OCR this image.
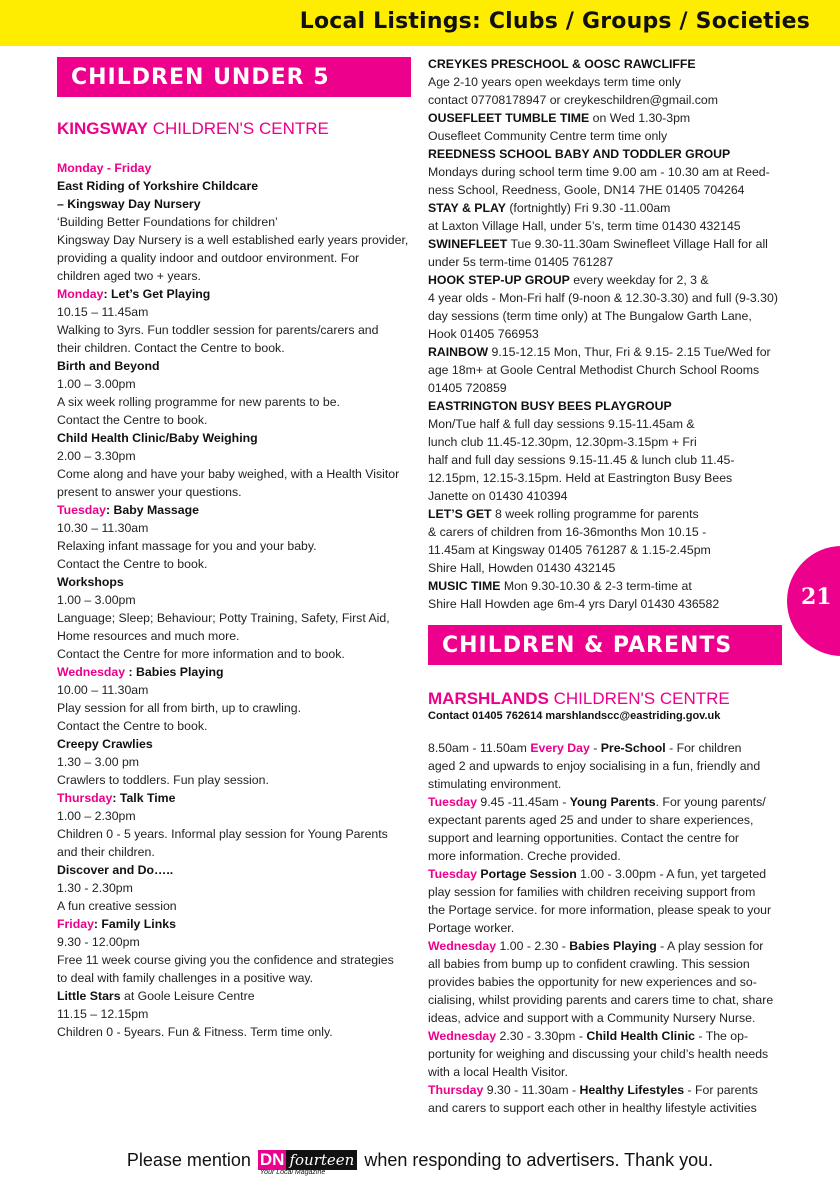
Local Listings: Clubs / Groups / Societies
CHILDREN UNDER 5

KINGSWAY CHILDREN'S CENTRE

Monday - Friday

East Riding of Yorkshire Childcare

– Kingsway Day Nursery

‘Building Better Foundations for children’

Kingsway Day Nursery is a well established early years provider,

providing a quality indoor and outdoor environment. For

children aged two + years.

Monday: Let’s Get Playing

10.15 – 11.45am

Walking to 3yrs. Fun toddler session for parents/carers and

their children. Contact the Centre to book.

Birth and Beyond

1.00 – 3.00pm

A six week rolling programme for new parents to be.

Contact the Centre to book.

Child Health Clinic/Baby Weighing

2.00 – 3.30pm

Come along and have your baby weighed, with a Health Visitor

present to answer your questions.

Tuesday: Baby Massage

10.30 – 11.30am

Relaxing infant massage for you and your baby.

Contact the Centre to book.

Workshops

1.00 – 3.00pm

Language; Sleep; Behaviour; Potty Training, Safety, First Aid,

Home resources and much more.

Contact the Centre for more information and to book.

Wednesday : Babies Playing

10.00 – 11.30am

Play session for all from birth, up to crawling.

Contact the Centre to book.

Creepy Crawlies

1.30 – 3.00 pm

Crawlers to toddlers. Fun play session.

Thursday: Talk Time

1.00 – 2.30pm

Children 0 - 5 years. Informal play session for Young Parents

and their children.

Discover and Do…..

1.30 - 2.30pm

A fun creative session

Friday: Family Links

9.30 - 12.00pm

Free 11 week course giving you the confidence and strategies

to deal with family challenges in a positive way.

Little Stars at Goole Leisure Centre

11.15 – 12.15pm

Children 0 - 5years. Fun & Fitness. Term time only.

CREYKES PRESCHOOL & OOSC RAWCLIFFE

Age 2-10 years open weekdays term time only

contact 07708178947 or creykeschildren@gmail.com

OUSEFLEET TUMBLE TIME on Wed 1.30-3pm

Ousefleet Community Centre term time only

REEDNESS SCHOOL BABY AND TODDLER GROUP

Mondays during school term time 9.00 am - 10.30 am at Reed-

ness School, Reedness, Goole, DN14 7HE 01405 704264

STAY & PLAY (fortnightly) Fri 9.30 -11.00am

at Laxton Village Hall, under 5’s, term time 01430 432145

SWINEFLEET Tue 9.30-11.30am Swinefleet Village Hall for all

under 5s term-time 01405 761287

HOOK STEP-UP GROUP every weekday for 2, 3 &

4 year olds - Mon-Fri half (9-noon & 12.30-3.30) and full (9-3.30)

day sessions (term time only) at The Bungalow Garth Lane,

Hook 01405 766953

RAINBOW 9.15-12.15 Mon, Thur, Fri & 9.15- 2.15 Tue/Wed for

age 18m+ at Goole Central Methodist Church School Rooms

01405 720859

EASTRINGTON BUSY BEES PLAYGROUP

Mon/Tue half & full day sessions 9.15-11.45am &

lunch club 11.45-12.30pm, 12.30pm-3.15pm + Fri

half and full day sessions 9.15-11.45 & lunch club 11.45-

12.15pm, 12.15-3.15pm. Held at Eastrington Busy Bees

Janette on 01430 410394

LET’S GET 8 week rolling programme for parents

& carers of children from 16-36months Mon 10.15 -

11.45am at Kingsway 01405 761287 & 1.15-2.45pm

Shire Hall, Howden 01430 432145

MUSIC TIME Mon 9.30-10.30 & 2-3 term-time at

Shire Hall Howden age 6m-4 yrs Daryl 01430 436582

CHILDREN & PARENTS

MARSHLANDS CHILDREN'S CENTRE

Contact 01405 762614 marshlandscc@eastriding.gov.uk

8.50am - 11.50am Every Day - Pre-School - For children

aged 2 and upwards to enjoy socialising in a fun, friendly and

stimulating environment.

Tuesday 9.45 -11.45am - Young Parents. For young parents/

expectant parents aged 25 and under to share experiences,

support and learning opportunities. Contact the centre for

more information. Creche provided.

Tuesday Portage Session 1.00 - 3.00pm - A fun, yet targeted

play session for families with children receiving support from

the Portage service. for more information, please speak to your

Portage worker.

Wednesday 1.00 - 2.30 - Babies Playing - A play session for

all babies from bump up to confident crawling. This session

provides babies the opportunity for new experiences and so-

cialising, whilst providing parents and carers time to chat, share

ideas, advice and support with a Community Nursery Nurse.

Wednesday 2.30 - 3.30pm - Child Health Clinic - The op-

portunity for weighing and discussing your child’s health needs

with a local Health Visitor.

Thursday 9.30 - 11.30am - Healthy Lifestyles - For parents

and carers to support each other in healthy lifestyle activities

21
Please mention DN fourteen
Your Local Magazine
when responding to advertisers. Thank you.
